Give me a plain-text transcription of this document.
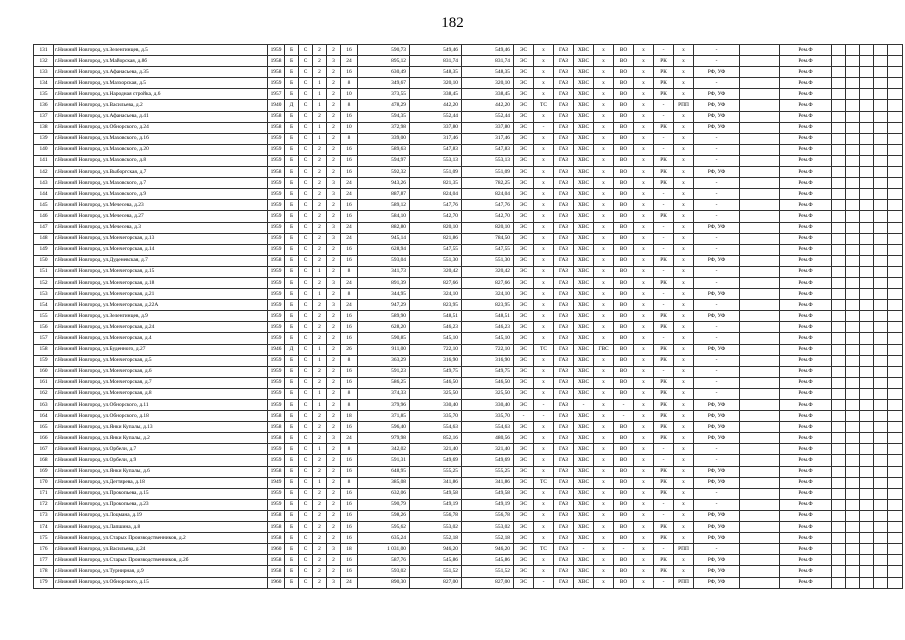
182
131	г.Нижний Новгород, ул.Зеленгинцев, д.5	1959	Б	С	2	2	16	590,73	549,46	549,46	ЭС	х	ГАЗ	ХВС	х	ВО	х	-	х	-		Рем.Ф					
132	г.Нижний Новгород, ул.Майорская, д.8б	1958	Б	С	2	3	24	895,12	831,74	831,74	ЭС	х	ГАЗ	ХВС	х	ВО	х	РК	х	-		Рем.Ф					
133	г.Нижний Новгород, ул.Афанасьева, д.35	1958	Б	С	2	2	16	630,49	548,35	548,35	ЭС	х	ГАЗ	ХВС	х	ВО	х	РК	х	РФ, УФ		Рем.Ф					
134	г.Нижний Новгород, ул.Мазхорская, д.5	1959	Б	С	1	2	8	349,67	320,10	320,10	ЭС	х	ГАЗ	ХВС	х	ВО	х	РК	х	-		Рем.Ф					
135	г.Нижний Новгород, ул.Народная стройка, д.6	1957	Б	С	1	2	10	373,55	338,45	338,45	ЭС	х	ГАЗ	ХВС	х	ВО	х	РК	х	РФ, УФ		Рем.Ф					
136	г.Нижний Новгород, ул.Васильева, д.2	1940	Д	С	1	2	8	478,29	442,20	442,20	ЭС	ТС	ГАЗ	ХВС	х	ВО	х	-	РПП	РФ, УФ		Рем.Ф					
137	г.Нижний Новгород, ул.Афанасьева, д.41	1958	Б	С	2	2	16	594,35	552,44	552,44	ЭС	х	ГАЗ	ХВС	х	ВО	х	-	х	РФ, УФ		Рем.Ф					
138	г.Нижний Новгород, ул.Обнорского, д.24	1958	Б	С	1	2	10	372,98	337,80	337,80	ЭС	-	ГАЗ	ХВС	х	ВО	х	РК	х	РФ, УФ		Рем.Ф					
139	г.Нижний Новгород, ул.Маховского, д.16	1959	Б	С	1	2	8	339,00	317,46	317,46	ЭС	х	ГАЗ	ХВС	х	ВО	х	-	х	-		Рем.Ф					
140	г.Нижний Новгород, ул.Маховского, д.20	1959	Б	С	2	2	16	589,63	547,83	547,83	ЭС	х	ГАЗ	ХВС	х	ВО	х	-	х	-		Рем.Ф					
141	г.Нижний Новгород, ул.Маховского, д.8	1959	Б	С	2	2	16	594,97	553,13	553,13	ЭС	х	ГАЗ	ХВС	х	ВО	х	РК	х	-		Рем.Ф					
142	г.Нижний Новгород, ул.Выборгская, д.7	1958	Б	С	2	2	16	592,32	551,09	551,09	ЭС	х	ГАЗ	ХВС	х	ВО	х	РК	х	РФ, УФ		Рем.Ф					
143	г.Нижний Новгород, ул.Маховского, д.7	1959	Б	С	2	3	24	943,26	821,35	782,25	ЭС	х	ГАЗ	ХВС	х	ВО	х	РК	х	-		Рем.Ф					
144	г.Нижний Новгород, ул.Маховского, д.9	1959	Б	С	2	3	24	887,87	824,04	824,04	ЭС	х	ГАЗ	ХВС	х	ВО	х	-	х	-		Рем.Ф					
145	г.Нижний Новгород, ул.Мечесева, д.23	1959	Б	С	2	2	16	589,12	547,76	547,76	ЭС	х	ГАЗ	ХВС	х	ВО	х	-	х	-		Рем.Ф					
146	г.Нижний Новгород, ул.Мечесева, д.27	1959	Б	С	2	2	16	584,10	542,70	542,70	ЭС	х	ГАЗ	ХВС	х	ВО	х	РК	х	-		Рем.Ф					
147	г.Нижний Новгород, ул.Мечесева, д.3	1959	Б	С	2	3	24	882,80	820,10	820,10	ЭС	х	ГАЗ	ХВС	х	ВО	х	-	х	РФ, УФ		Рем.Ф					
148	г.Нижний Новгород, ул.Мончегорская, д.13	1959	Б	С	2	3	24	945,14	821,86	784,50	ЭС	х	ГАЗ	ХВС	х	ВО	х	-	х	-		Рем.Ф					
149	г.Нижний Новгород, ул.Мончегорская, д.14	1959	Б	С	2	2	16	628,94	547,55	547,55	ЭС	х	ГАЗ	ХВС	х	ВО	х	-	х	-		Рем.Ф					
150	г.Нижний Новгород, ул.Дуденевская, д.7	1958	Б	С	2	2	16	593,04	551,30	551,30	ЭС	х	ГАЗ	ХВС	х	ВО	х	РК	х	РФ, УФ		Рем.Ф					
151	г.Нижний Новгород, ул.Мончегорская, д.15	1959	Б	С	1	2	8	341,73	320,42	320,42	ЭС	х	ГАЗ	ХВС	х	ВО	х	-	х	-		Рем.Ф					
152	г.Нижний Новгород, ул.Мончегорская, д.18	1959	Б	С	2	3	24	891,39	827,66	827,66	ЭС	х	ГАЗ	ХВС	х	ВО	х	РК	х	-		Рем.Ф					
153	г.Нижний Новгород, ул.Мончегорская, д.21	1959	Б	С	1	2	8	344,95	324,10	324,10	ЭС	х	ГАЗ	ХВС	х	ВО	х	-	х	РФ, УФ		Рем.Ф					
154	г.Нижний Новгород, ул.Мончегорская, д.22А	1959	Б	С	2	3	24	947,29	823,95	823,95	ЭС	х	ГАЗ	ХВС	х	ВО	х	-	х	-		Рем.Ф					
155	г.Нижний Новгород, ул.Зеленгинцев, д.9	1959	Б	С	2	2	16	589,90	548,51	548,51	ЭС	х	ГАЗ	ХВС	х	ВО	х	РК	х	РФ, УФ		Рем.Ф					
156	г.Нижний Новгород, ул.Мончегорская, д.24	1959	Б	С	2	2	16	628,20	546,23	546,23	ЭС	х	ГАЗ	ХВС	х	ВО	х	РК	х	-		Рем.Ф					
157	г.Нижний Новгород, ул.Мончегорская, д.4	1959	Б	С	2	2	16	590,85	545,10	545,10	ЭС	х	ГАЗ	ХВС	х	ВО	х	-	х	-		Рем.Ф					
158	г.Нижний Новгород, ул.Буденного, д.27	1946	Д	С	1	2	26	911,00	722,10	722,10	ЭС	ТС	ГАЗ	ХВС	ГВС	ВО	х	РК	х	РФ, УФ		Рем.Ф					
159	г.Нижний Новгород, ул.Мончегорская, д.5	1959	Б	С	1	2	8	363,29	316,90	316,90	ЭС	х	ГАЗ	ХВС	х	ВО	х	РК	х	-		Рем.Ф					
160	г.Нижний Новгород, ул.Мончегорская, д.6	1959	Б	С	2	2	16	591,23	549,75	549,75	ЭС	х	ГАЗ	ХВС	х	ВО	х	-	х	-		Рем.Ф					
161	г.Нижний Новгород, ул.Мончегорская, д.7	1959	Б	С	2	2	16	586,25	546,50	546,50	ЭС	х	ГАЗ	ХВС	х	ВО	х	РК	х	-		Рем.Ф					
162	г.Нижний Новгород, ул.Мончегорская, д.8	1959	Б	С	1	2	8	374,33	325,50	325,50	ЭС	х	ГАЗ	ХВС	х	ВО	х	РК	х	-		Рем.Ф					
163	г.Нижний Новгород, ул.Обнорского, д.11	1959	Б	С	1	2	8	379,96	330,40	330,40	ЭС	-	ГАЗ	-	х	-	х	РК	х	РФ, УФ		Рем.Ф					
164	г.Нижний Новгород, ул.Обнорского, д.18	1958	Б	С	2	2	18	371,85	335,70	335,70	-	-	ГАЗ	ХВС	х	-	х	РК	х	РФ, УФ		Рем.Ф					
165	г.Нижний Новгород, ул.Янки Купалы, д.13	1958	Б	С	2	2	16	596,40	554,63	554,63	ЭС	х	ГАЗ	ХВС	х	ВО	х	РК	х	РФ, УФ		Рем.Ф					
166	г.Нижний Новгород, ул.Янки Купалы, д.2	1958	Б	С	2	3	24	979,98	852,16	480,56	ЭС	х	ГАЗ	ХВС	х	ВО	х	РК	х	РФ, УФ		Рем.Ф					
167	г.Нижний Новгород, ул.Орбели, д.7	1959	Б	С	1	2	8	342,02	321,40	321,40	ЭС	х	ГАЗ	ХВС	х	ВО	х	-	х	-		Рем.Ф					
168	г.Нижний Новгород, ул.Орбели, д.9	1959	Б	С	2	2	16	591,31	549,69	549,69	ЭС	х	ГАЗ	ХВС	х	ВО	х	-	х	-		Рем.Ф					
169	г.Нижний Новгород, ул.Янки Купалы, д.6	1958	Б	С	2	2	16	648,95	555,25	555,25	ЭС	х	ГАЗ	ХВС	х	ВО	х	РК	х	РФ, УФ		Рем.Ф					
170	г.Нижний Новгород, ул.Дегтярева, д.18	1949	Б	С	1	2	8	385,08	341,86	341,86	ЭС	ТС	ГАЗ	ХВС	х	ВО	х	РК	х	РФ, УФ		Рем.Ф					
171	г.Нижний Новгород, ул.Прокопьева, д.15	1959	Б	С	2	2	16	632,06	549,58	549,58	ЭС	х	ГАЗ	ХВС	х	ВО	х	РК	х	-		Рем.Ф					
172	г.Нижний Новгород, ул.Прокопьева, д.23	1959	Б	С	2	2	16	590,79	549,19	549,19	ЭС	х	ГАЗ	ХВС	х	ВО	х	-	х	-		Рем.Ф					
173	г.Нижний Новгород, ул.Лоцмана, д.19	1958	Б	С	2	2	16	598,26	556,78	556,78	ЭС	х	ГАЗ	ХВС	х	ВО	х	-	х	РФ, УФ		Рем.Ф					
174	г.Нижний Новгород, ул.Лапшина, д.8	1958	Б	С	2	2	16	595,62	553,02	553,02	ЭС	х	ГАЗ	ХВС	х	ВО	х	РК	х	РФ, УФ		Рем.Ф					
175	г.Нижний Новгород, ул.Старых Производственников, д.2	1958	Б	С	2	2	16	635,24	552,18	552,18	ЭС	х	ГАЗ	ХВС	х	ВО	х	РК	х	РФ, УФ		Рем.Ф					
176	г.Нижний Новгород, ул.Васильева, д.24	1960	Б	С	2	3	18	1 031,00	946,20	946,20	ЭС	ТС	ГАЗ	-	х	-	х	-	РПП	-		Рем.Ф					
177	г.Нижний Новгород, ул.Старых Производственников, д.2б	1958	Б	С	2	2	16	587,76	545,86	545,86	ЭС	х	ГАЗ	ХВС	х	ВО	х	РК	х	РФ, УФ		Рем.Ф					
178	г.Нижний Новгород, ул.Турнирная, д.9	1958	Б	С	2	2	16	593,02	551,52	551,52	ЭС	х	ГАЗ	ХВС	х	ВО	х	РК	х	РФ, УФ		Рем.Ф					
179	г.Нижний Новгород, ул.Обнорского, д.15	1960	Б	С	2	3	24	890,30	827,00	827,00	ЭС	-	ГАЗ	ХВС	х	ВО	х	-	РПП	РФ, УФ		Рем.Ф					
